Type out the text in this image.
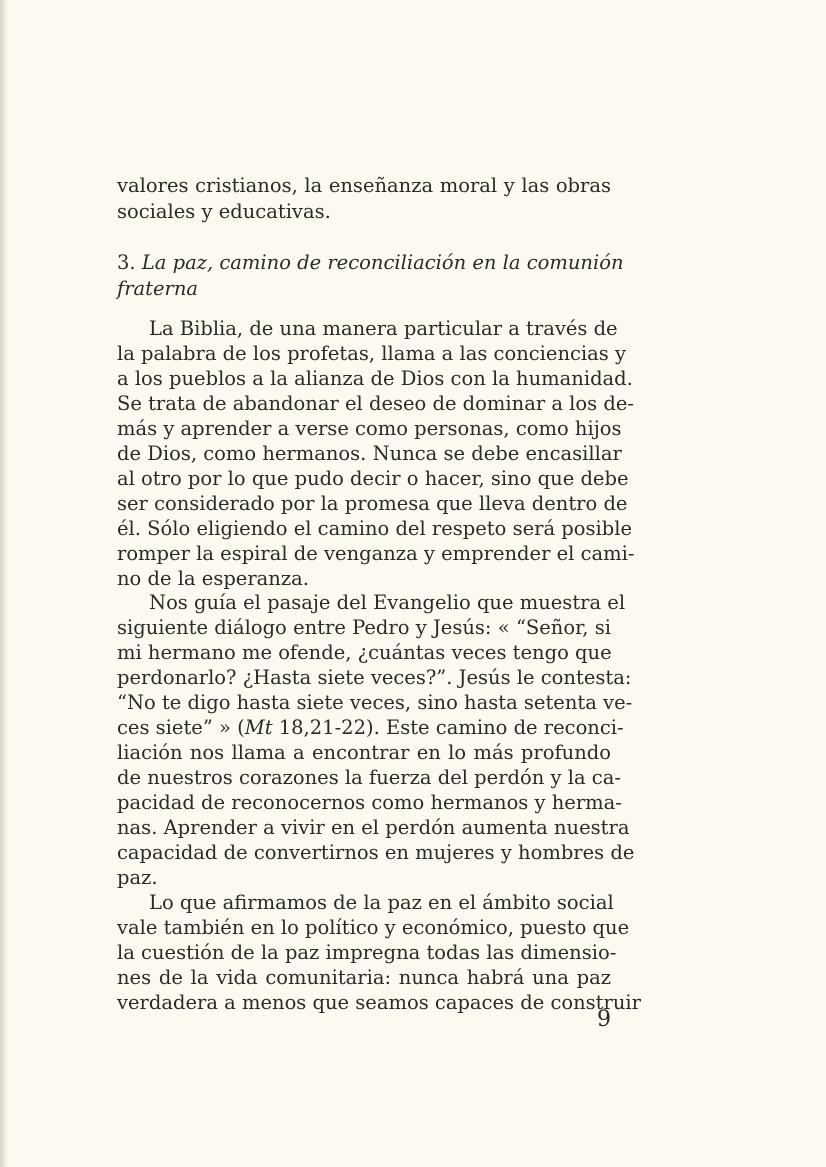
valores cristianos, la enseñanza moral y las obras
sociales y educativas.
3. La paz, camino de reconciliación en la comunión
fraterna
La Biblia, de una manera particular a través de
la palabra de los profetas, llama a las conciencias y
a los pueblos a la alianza de Dios con la humanidad.
Se trata de abandonar el deseo de dominar a los de-
más y aprender a verse como personas, como hijos
de Dios, como hermanos. Nunca se debe encasillar
al otro por lo que pudo decir o hacer, sino que debe
ser considerado por la promesa que lleva dentro de
él. Sólo eligiendo el camino del respeto será posible
romper la espiral de venganza y emprender el cami-
no de la esperanza.
Nos guía el pasaje del Evangelio que muestra el
siguiente diálogo entre Pedro y Jesús: « “Señor, si
mi hermano me ofende, ¿cuántas veces tengo que
perdonarlo? ¿Hasta siete veces?”. Jesús le contesta:
“No te digo hasta siete veces, sino hasta setenta ve-
ces siete” » (Mt 18,21-22). Este camino de reconci-
liación nos llama a encontrar en lo más profundo
de nuestros corazones la fuerza del perdón y la ca-
pacidad de reconocernos como hermanos y herma-
nas. Aprender a vivir en el perdón aumenta nuestra
capacidad de convertirnos en mujeres y hombres de
paz.
Lo que afirmamos de la paz en el ámbito social
vale también en lo político y económico, puesto que
la cuestión de la paz impregna todas las dimensio-
nes de la vida comunitaria: nunca habrá una paz
verdadera a menos que seamos capaces de construir
9
